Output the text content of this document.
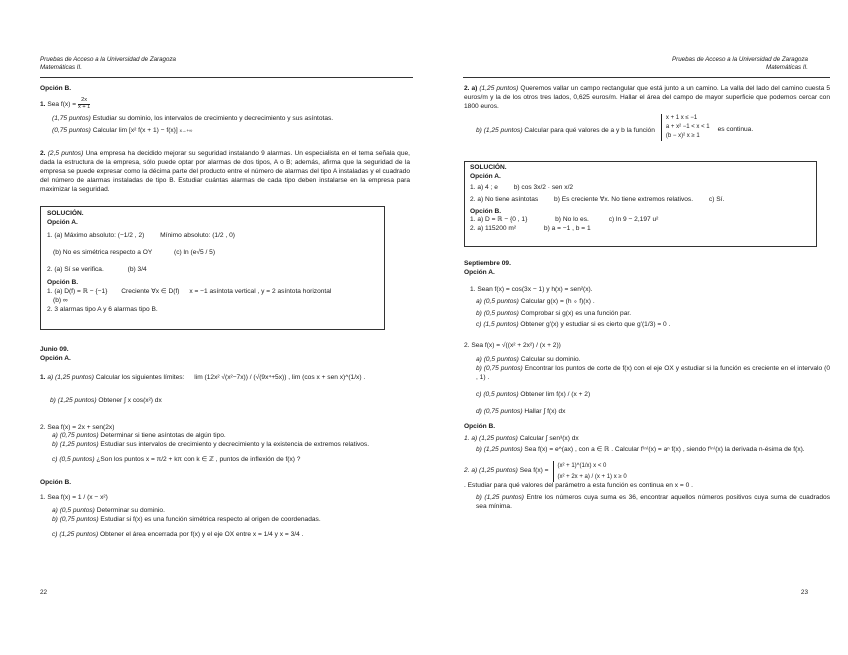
Pruebas de Acceso a la Universidad de Zaragoza
Matemáticas II.
Opción B.
1. Sea $f(x) = \frac{2x}{x + 1}$
(1,75 puntos) Estudiar su dominio, los intervalos de crecimiento y decrecimiento y sus asíntotas.
(0,75 puntos) Calcular lim [x² f(x + 1) − f(x)] x→+∞
2. (2,5 puntos) Una empresa ha decidido mejorar su seguridad instalando 9 alarmas. Un especialista en el tema señala que, dada la estructura de la empresa, sólo puede optar por alarmas de dos tipos, A o B; además, afirma que la seguridad de la empresa se puede expresar como la décima parte del producto entre el número de alarmas del tipo A instaladas y el cuadrado del número de alarmas instaladas de tipo B. Estudiar cuántas alarmas de cada tipo deben instalarse en la empresa para maximizar la seguridad.
SOLUCIÓN.
Opción A.
1. (a) Máximo absoluto: (−1/2 , 2) Mínimo absoluto: (1/2 , 0)
(b) No es simétrica respecto a OY	(c) ln (e√5 / 5)
2. (a) Sí se verifica.	(b) 3/4
Opción B.
1. (a) D(f) = ℝ − {−1} Creciente ∀x ∈ D(f) x = −1 asíntota vertical , y = 2 asíntota horizontal
(b) ∞
2. 3 alarmas tipo A y 6 alarmas tipo B.
Junio 09.
Opción A.
1. a) (1,25 puntos) Calcular los siguientes límites: lim (12x² √(x²−7x)) / (√(9x⁴+5x)) , lim (cos x + sen x)^(1/x) .
b) (1,25 puntos) Obtener ∫ x cos(x²) dx
2. Sea f(x) = 2x + sen(2x)
a) (0,75 puntos) Determinar si tiene asíntotas de algún tipo.
b) (1,25 puntos) Estudiar sus intervalos de crecimiento y decrecimiento y la existencia de extremos relativos.
c) (0,5 puntos) ¿Son los puntos x = π/2 + kπ con k ∈ ℤ , puntos de inflexión de f(x) ?
Opción B.
1. Sea f(x) = 1 / (x − x²)
a) (0,5 puntos) Determinar su dominio.
b) (0,75 puntos) Estudiar si f(x) es una función simétrica respecto al origen de coordenadas.
c) (1,25 puntos) Obtener el área encerrada por f(x) y el eje OX entre x = 1/4 y x = 3/4 .
22
Pruebas de Acceso a la Universidad de Zaragoza
Matemáticas II.
2. a) (1,25 puntos) Queremos vallar un campo rectangular que está junto a un camino. La valla del lado del camino cuesta 5 euros/m y la de los otros tres lados, 0,625 euros/m. Hallar el área del campo de mayor superficie que podemos cercar con 1800 euros.
b) (1,25 puntos) Calcular para qué valores de a y b la función
x + 1 x ≤ −1
a + x² −1 < x < 1
(b − x)² x ≥ 1
es continua.
SOLUCIÓN.
Opción A.
1. a) 4 ; e b) cos 3x/2 · sen x/2
2. a) No tiene asíntotas b) Es creciente ∀x. No tiene extremos relativos. c) Sí.
Opción B.
1. a) D = ℝ − {0 , 1}	b) No lo es.	c) ln 9 − 2,197 u²
2. a) 115200 m²	b) a = −1 , b = 1
Septiembre 09.
Opción A.
1. Sean f(x) = cos(3x − 1) y h(x) = sen²(x).
a) (0,5 puntos) Calcular g(x) = (h ∘ f)(x) .
b) (0,5 puntos) Comprobar si g(x) es una función par.
c) (1,5 puntos) Obtener g'(x) y estudiar si es cierto que g'(1/3) = 0 .
2. Sea f(x) = √((x² + 2x²) / (x + 2))
a) (0,5 puntos) Calcular su dominio.
b) (0,75 puntos) Encontrar los puntos de corte de f(x) con el eje OX y estudiar si la función es creciente en el intervalo (0 , 1) .
c) (0,5 puntos) Obtener lim f(x) / (x + 2)
d) (0,75 puntos) Hallar ∫ f(x) dx
Opción B.
1. a) (1,25 puntos) Calcular ∫ sen³(x) dx
b) (1,25 puntos) Sea f(x) = e^(ax) , con a ∈ ℝ . Calcular f⁽ⁿ⁾(x) = aⁿ f(x) , siendo f⁽ⁿ⁾(x) la derivada n-ésima de f(x).
2. a) (1,25 puntos) Sea f(x) =
(x² + 1)^(1/x) x < 0
(x² + 2x + a) / (x + 1) x ≥ 0
. Estudiar para qué valores del parámetro a esta función es continua en x = 0 .
b) (1,25 puntos) Entre los números cuya suma es 36, encontrar aquellos números positivos cuya suma de cuadrados sea mínima.
23
